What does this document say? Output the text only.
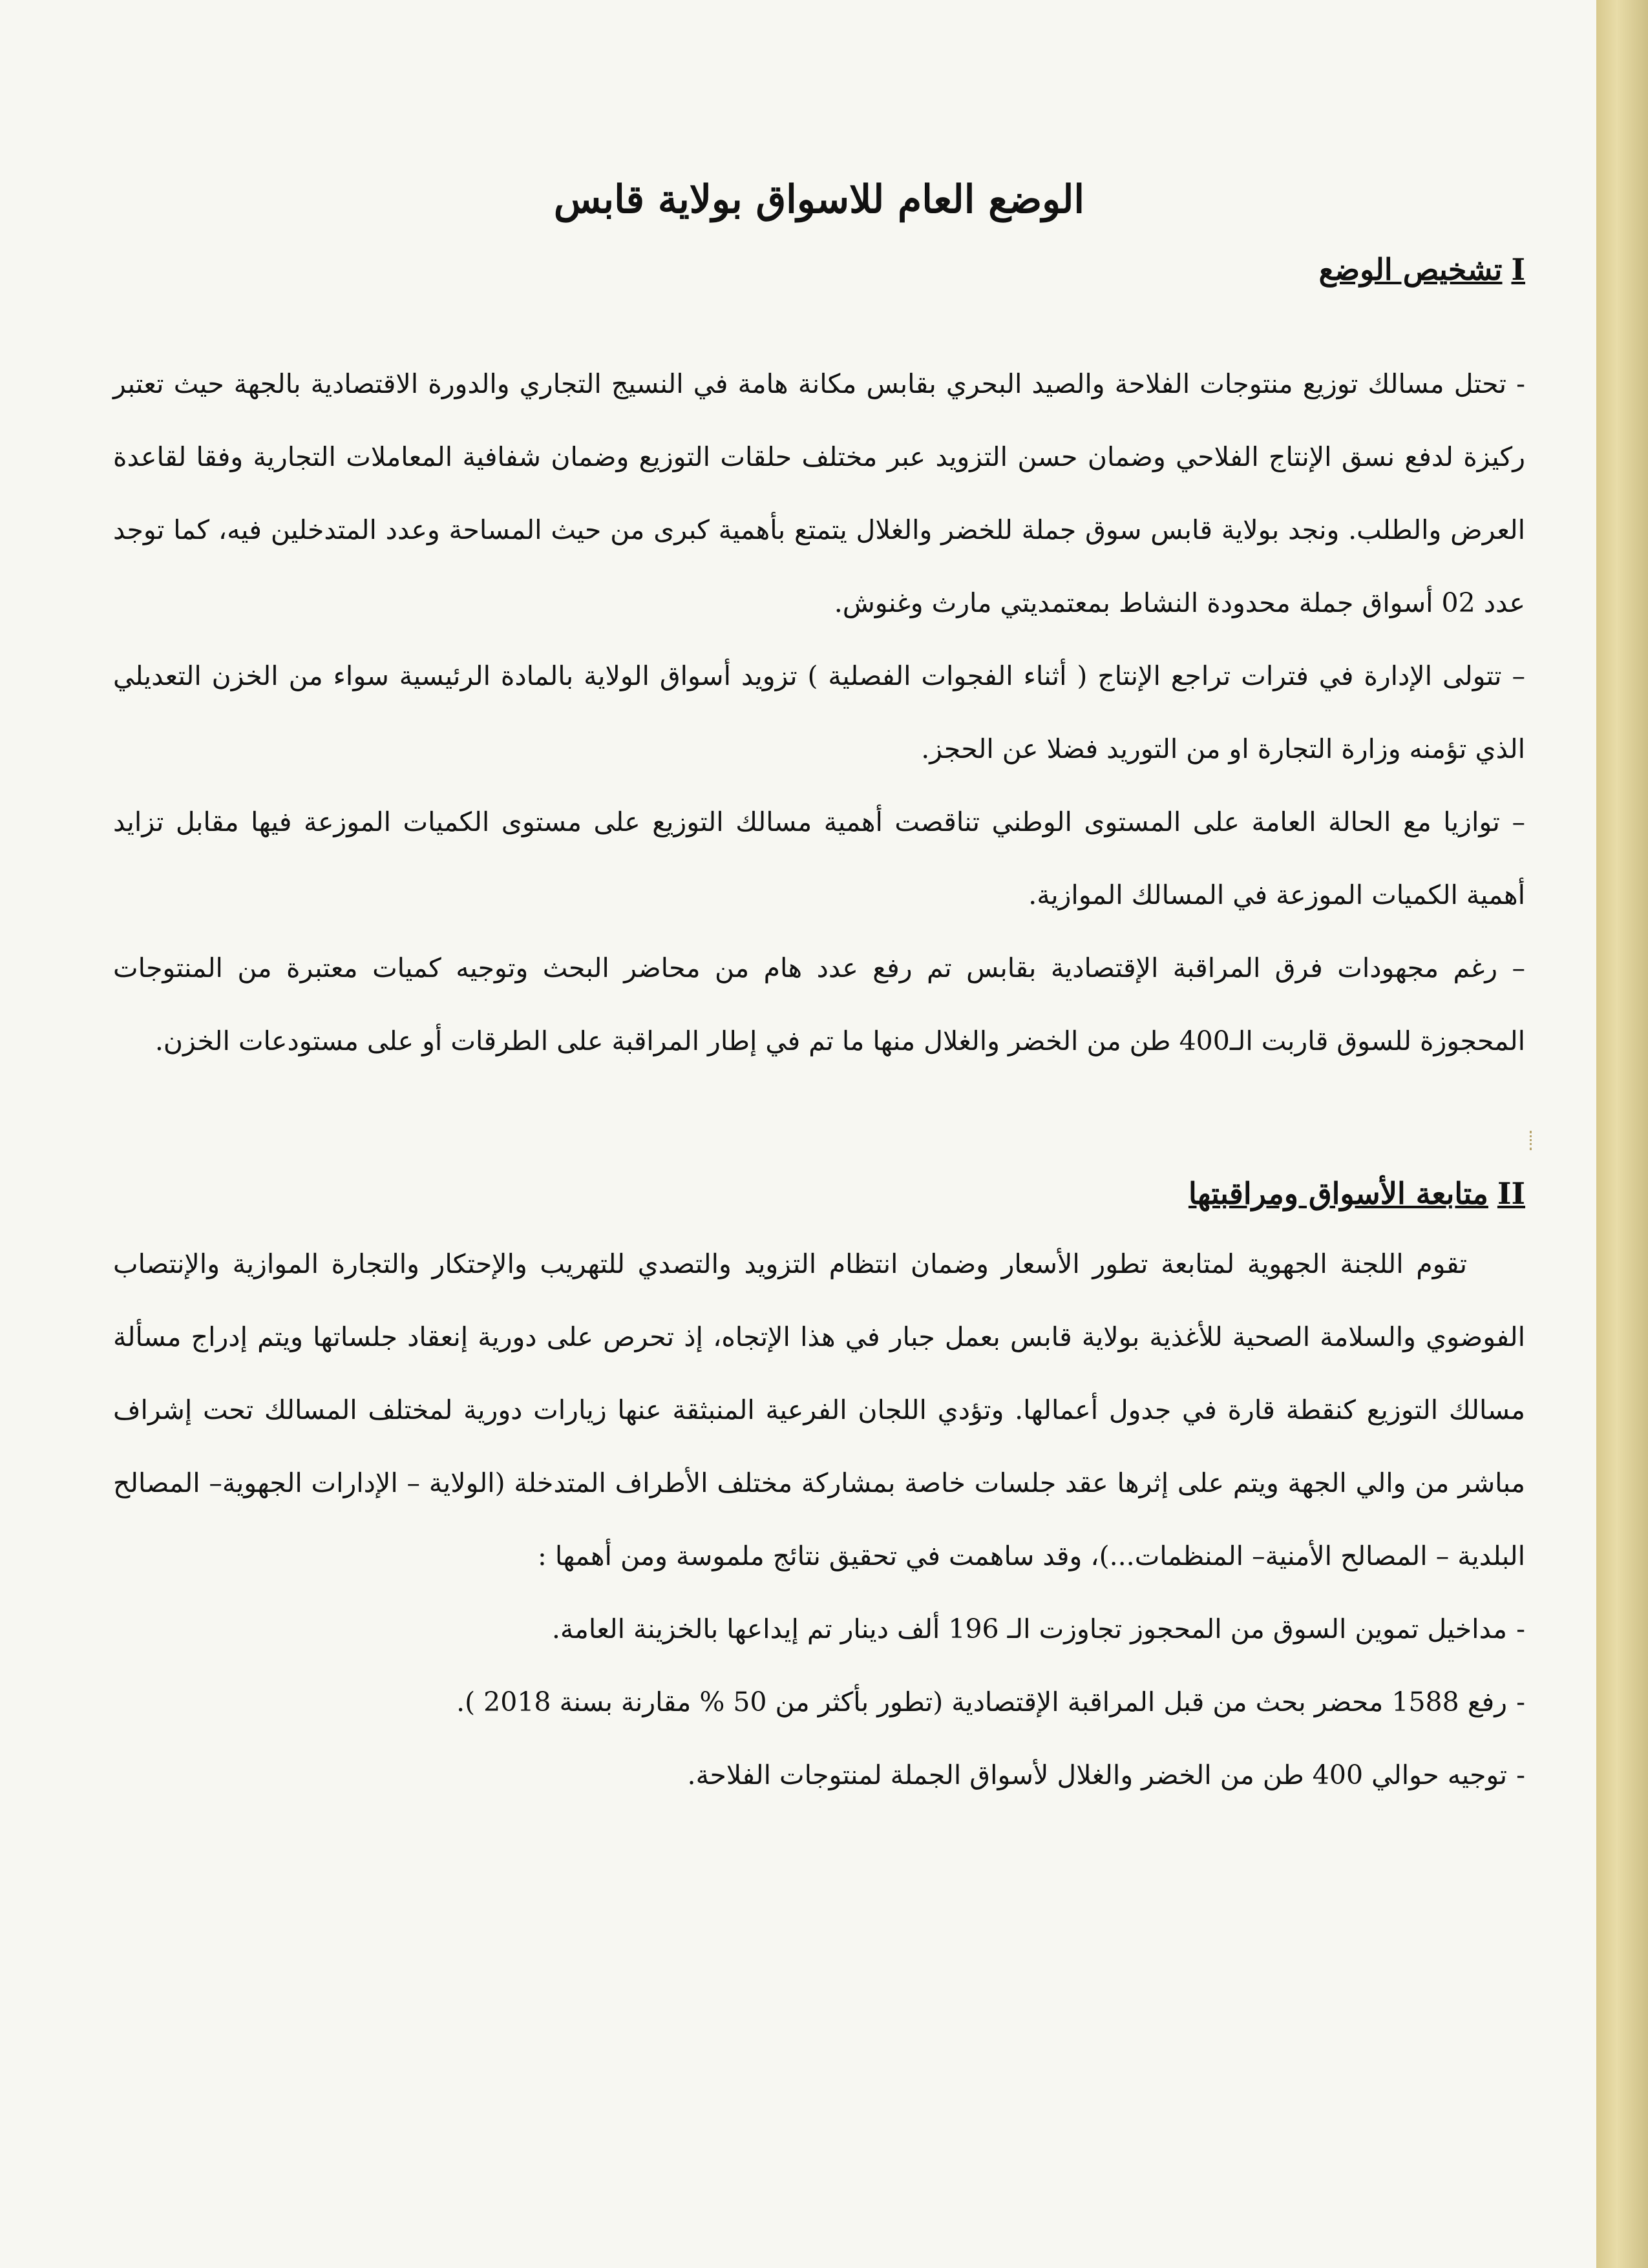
الوضع العام للاسواق بولاية قابس
Iتشخيص الوضع

- تحتل مسالك توزيع منتوجات الفلاحة والصيد البحري بقابس مكانة هامة في النسيج التجاري والدورة الاقتصادية بالجهة حيث تعتبر ركيزة لدفع نسق الإنتاج الفلاحي وضمان حسن التزويد عبر مختلف حلقات التوزيع وضمان شفافية المعاملات التجارية وفقا لقاعدة العرض والطلب. ونجد بولاية قابس سوق جملة للخضر والغلال يتمتع بأهمية كبرى من حيث المساحة وعدد المتدخلين فيه، كما توجد عدد 02 أسواق جملة محدودة النشاط بمعتمديتي مارث وغنوش.

– تتولى الإدارة في فترات تراجع الإنتاج ( أثناء الفجوات الفصلية ) تزويد أسواق الولاية بالمادة الرئيسية سواء من الخزن التعديلي الذي تؤمنه وزارة التجارة او من التوريد فضلا عن الحجز.

– توازيا مع الحالة العامة على المستوى الوطني تناقصت أهمية مسالك التوزيع على مستوى الكميات الموزعة فيها مقابل تزايد أهمية الكميات الموزعة في المسالك الموازية.

– رغم مجهودات فرق المراقبة الإقتصادية بقابس تم رفع عدد هام من محاضر البحث وتوجيه كميات معتبرة من المنتوجات المحجوزة للسوق قاربت الـ400 طن من الخضر والغلال منها ما تم في إطار المراقبة على الطرقات أو على مستودعات الخزن.

IIمتابعة الأسواق ومراقبتها

تقوم اللجنة الجهوية لمتابعة تطور الأسعار وضمان انتظام التزويد والتصدي للتهريب والإحتكار والتجارة الموازية والإنتصاب الفوضوي والسلامة الصحية للأغذية بولاية قابس بعمل جبار في هذا الإتجاه، إذ تحرص على دورية إنعقاد جلساتها ويتم إدراج مسألة مسالك التوزيع كنقطة قارة في جدول أعمالها. وتؤدي اللجان الفرعية المنبثقة عنها زيارات دورية لمختلف المسالك تحت إشراف مباشر من والي الجهة ويتم على إثرها عقد جلسات خاصة بمشاركة مختلف الأطراف المتدخلة (الولاية – الإدارات الجهوية– المصالح البلدية – المصالح الأمنية– المنظمات...)، وقد ساهمت في تحقيق نتائج ملموسة ومن أهمها :

- مداخيل تموين السوق من المحجوز تجاوزت الـ 196 ألف دينار تم إيداعها بالخزينة العامة.

- رفع 1588 محضر بحث من قبل المراقبة الإقتصادية (تطور بأكثر من 50 % مقارنة بسنة 2018 ).

- توجيه حوالي 400 طن من الخضر والغلال لأسواق الجملة لمنتوجات الفلاحة.
